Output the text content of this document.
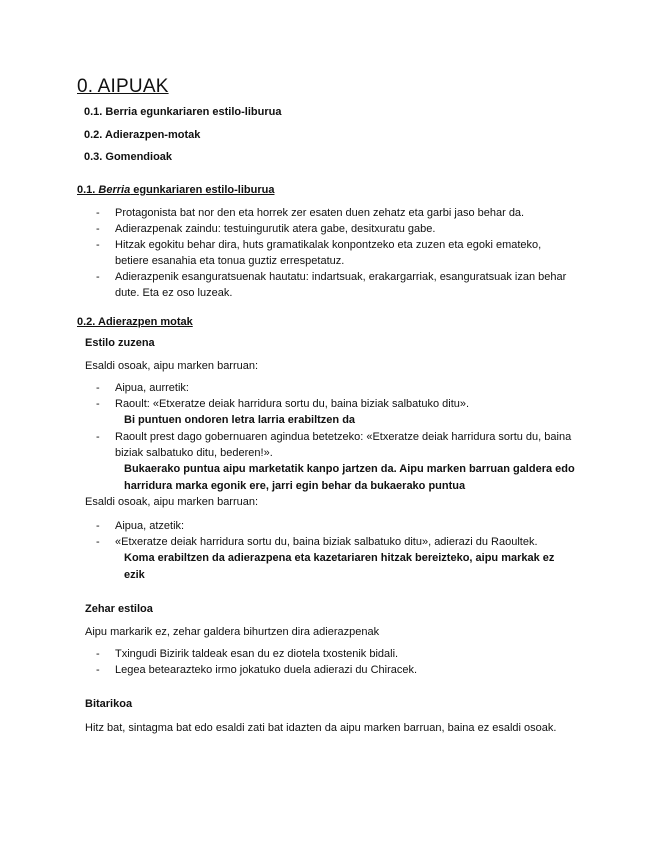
0. AIPUAK
0.1. Berria egunkariaren estilo-liburua
0.2. Adierazpen-motak
0.3. Gomendioak
0.1. Berria egunkariaren estilo-liburua
- Protagonista bat nor den eta horrek zer esaten duen zehatz eta garbi jaso behar da.
- Adierazpenak zaindu: testuingurutik atera gabe, desitxuratu gabe.
- Hitzak egokitu behar dira, huts gramatikalak konpontzeko eta zuzen eta egoki emateko, betiere esanahia eta tonua guztiz errespetatuz.
- Adierazpenik esanguratsuenak hautatu: indartsuak, erakargarriak, esanguratsuak izan behar dute. Eta ez oso luzeak.
0.2. Adierazpen motak
Estilo zuzena
Esaldi osoak, aipu marken barruan:
- Aipua, aurretik:
- Raoult: «Etxeratze deiak harridura sortu du, baina biziak salbatuko ditu».
Bi puntuen ondoren letra larria erabiltzen da
- Raoult prest dago gobernuaren agindua betetzeko: «Etxeratze deiak harridura sortu du, baina biziak salbatuko ditu, bederen!».
Bukaerako puntua aipu marketatik kanpo jartzen da. Aipu marken barruan galdera edo harridura marka egonik ere, jarri egin behar da bukaerako puntua
Esaldi osoak, aipu marken barruan:
- Aipua, atzetik:
- «Etxeratze deiak harridura sortu du, baina biziak salbatuko ditu», adierazi du Raoultek.
Koma erabiltzen da adierazpena eta kazetariaren hitzak bereizteko, aipu markak ez ezik
Zehar estiloa
Aipu markarik ez, zehar galdera bihurtzen dira adierazpenak
- Txingudi Bizirik taldeak esan du ez diotela txostenik bidali.
- Legea betearazteko irmo jokatuko duela adierazi du Chiracek.
Bitarikoa
Hitz bat, sintagma bat edo esaldi zati bat idazten da aipu marken barruan, baina ez esaldi osoak.
